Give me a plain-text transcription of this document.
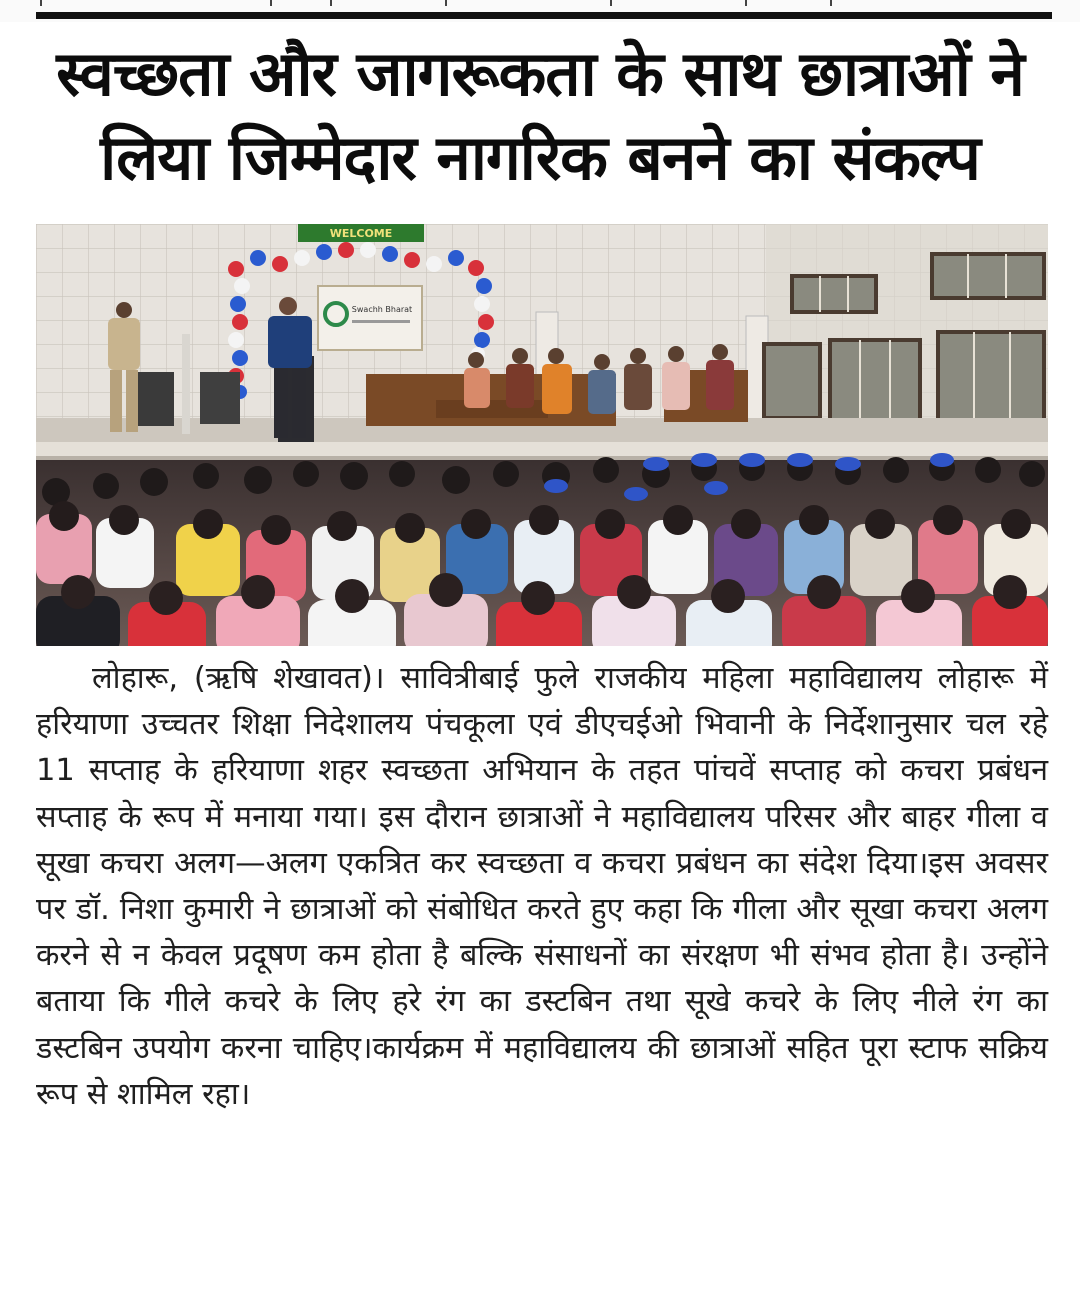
स्वच्छता और जागरूकता के साथ छात्राओं ने लिया जिम्मेदार नागरिक बनने का संकल्प
WELCOME
Swachh Bharat

लोहारू, (ऋषि शेखावत)। सावित्रीबाई फुले राजकीय महिला महाविद्यालय लोहारू में हरियाणा उच्चतर शिक्षा निदेशालय पंचकूला एवं डीएचईओ भिवानी के निर्देशानुसार चल रहे 11 सप्ताह के हरियाणा शहर स्वच्छता अभियान के तहत पांचवें सप्ताह को कचरा प्रबंधन सप्ताह के रूप में मनाया गया। इस दौरान छात्राओं ने महाविद्यालय परिसर और बाहर गीला व सूखा कचरा अलग—अलग एकत्रित कर स्वच्छता व कचरा प्रबंधन का संदेश दिया।इस अवसर पर डॉ. निशा कुमारी ने छात्राओं को संबोधित करते हुए कहा कि गीला और सूखा कचरा अलग करने से न केवल प्रदूषण कम होता है बल्कि संसाधनों का संरक्षण भी संभव होता है। उन्होंने बताया कि गीले कचरे के लिए हरे रंग का डस्टबिन तथा सूखे कचरे के लिए नीले रंग का डस्टबिन उपयोग करना चाहिए।कार्यक्रम में महाविद्यालय की छात्राओं सहित पूरा स्टाफ सक्रिय रूप से शामिल रहा।
